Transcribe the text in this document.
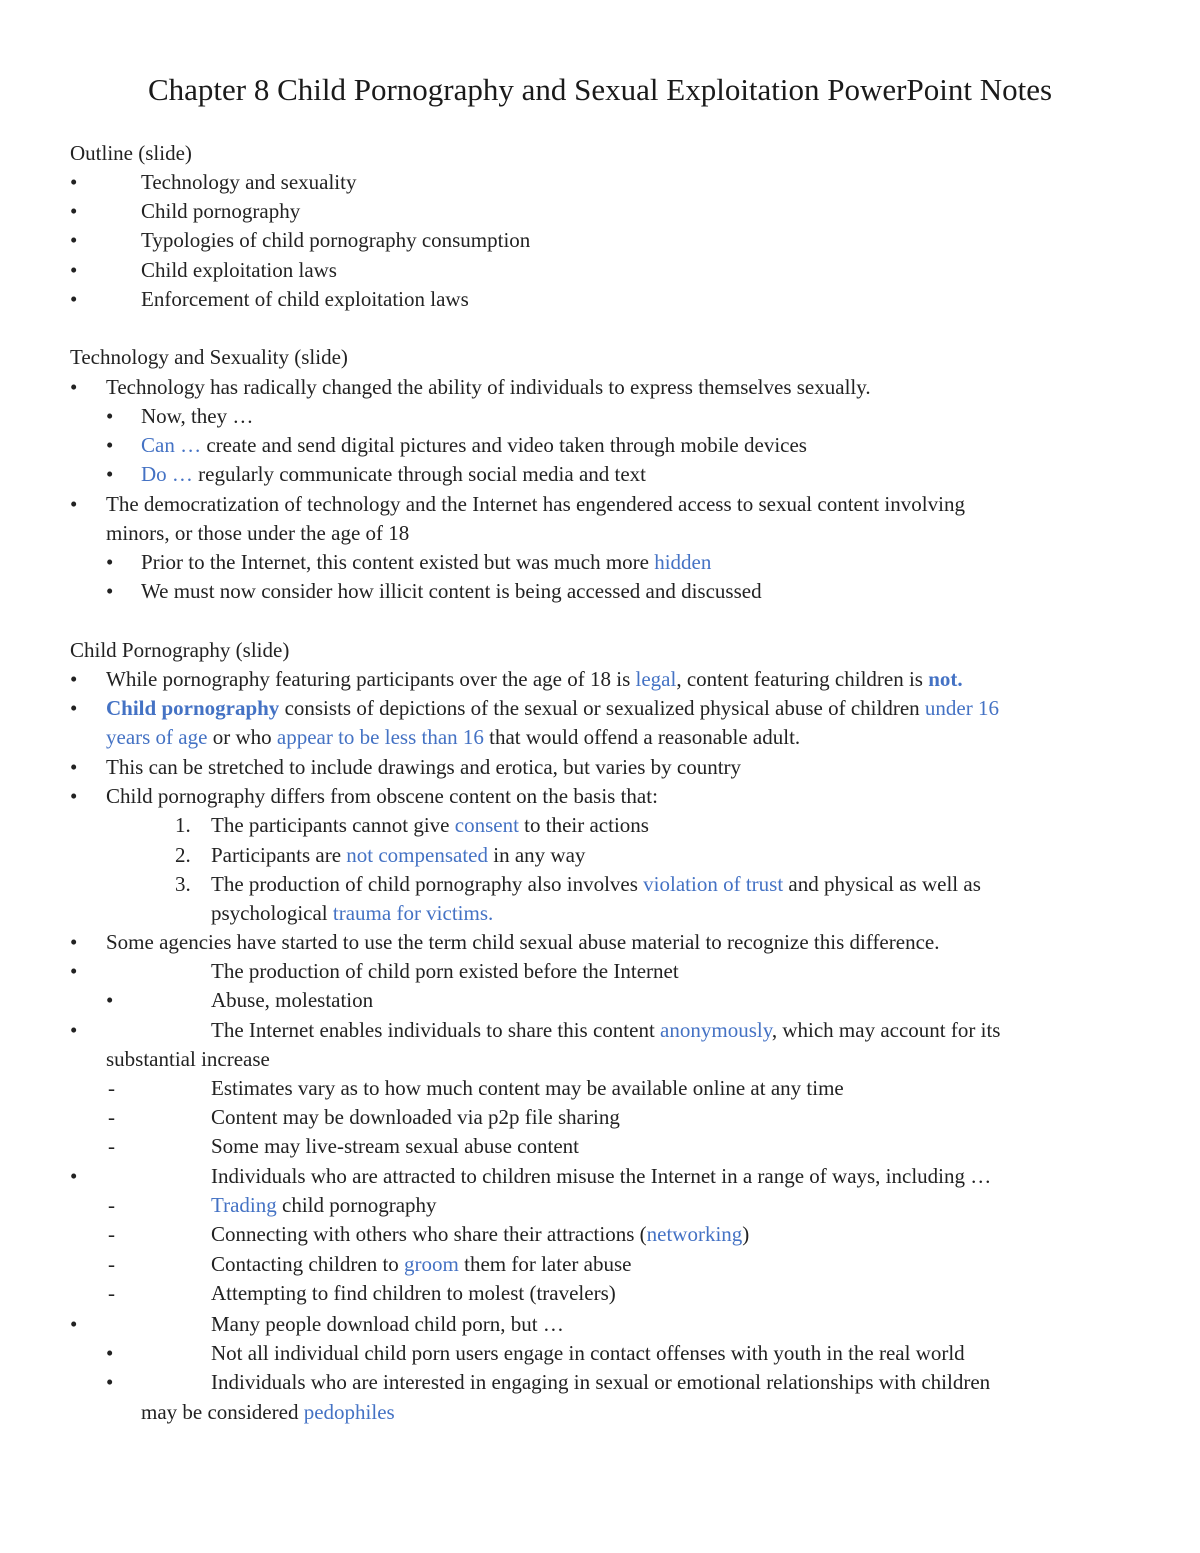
Chapter 8 Child Pornography and Sexual Exploitation PowerPoint Notes
Outline (slide)
•	Technology and sexuality
•	Child pornography
•	Typologies of child pornography consumption
•	Child exploitation laws
•	Enforcement of child exploitation laws
Technology and Sexuality (slide)
• Technology has radically changed the ability of individuals to express themselves sexually.
• Now, they …
• Can … create and send digital pictures and video taken through mobile devices
• Do … regularly communicate through social media and text
• The democratization of technology and the Internet has engendered access to sexual content involving
minors, or those under the age of 18
• Prior to the Internet, this content existed but was much more hidden
• We must now consider how illicit content is being accessed and discussed
Child Pornography (slide)
• While pornography featuring participants over the age of 18 is legal, content featuring children is not.
• Child pornography consists of depictions of the sexual or sexualized physical abuse of children under 16
years of age or who appear to be less than 16 that would offend a reasonable adult.
• This can be stretched to include drawings and erotica, but varies by country
• Child pornography differs from obscene content on the basis that:
1. The participants cannot give consent to their actions
2. Participants are not compensated in any way
3. The production of child pornography also involves violation of trust and physical as well as
psychological trauma for victims.
• Some agencies have started to use the term child sexual abuse material to recognize this difference.
•	The production of child porn existed before the Internet
•	Abuse, molestation
•	The Internet enables individuals to share this content anonymously, which may account for its
substantial increase
-	Estimates vary as to how much content may be available online at any time
-	Content may be downloaded via p2p file sharing
-	Some may live-stream sexual abuse content
•	Individuals who are attracted to children misuse the Internet in a range of ways, including …
-	Trading child pornography
-	Connecting with others who share their attractions (networking)
-	Contacting children to groom them for later abuse
-	Attempting to find children to molest (travelers)
•	Many people download child porn, but …
•	Not all individual child porn users engage in contact offenses with youth in the real world
•	Individuals who are interested in engaging in sexual or emotional relationships with children
may be considered pedophiles
